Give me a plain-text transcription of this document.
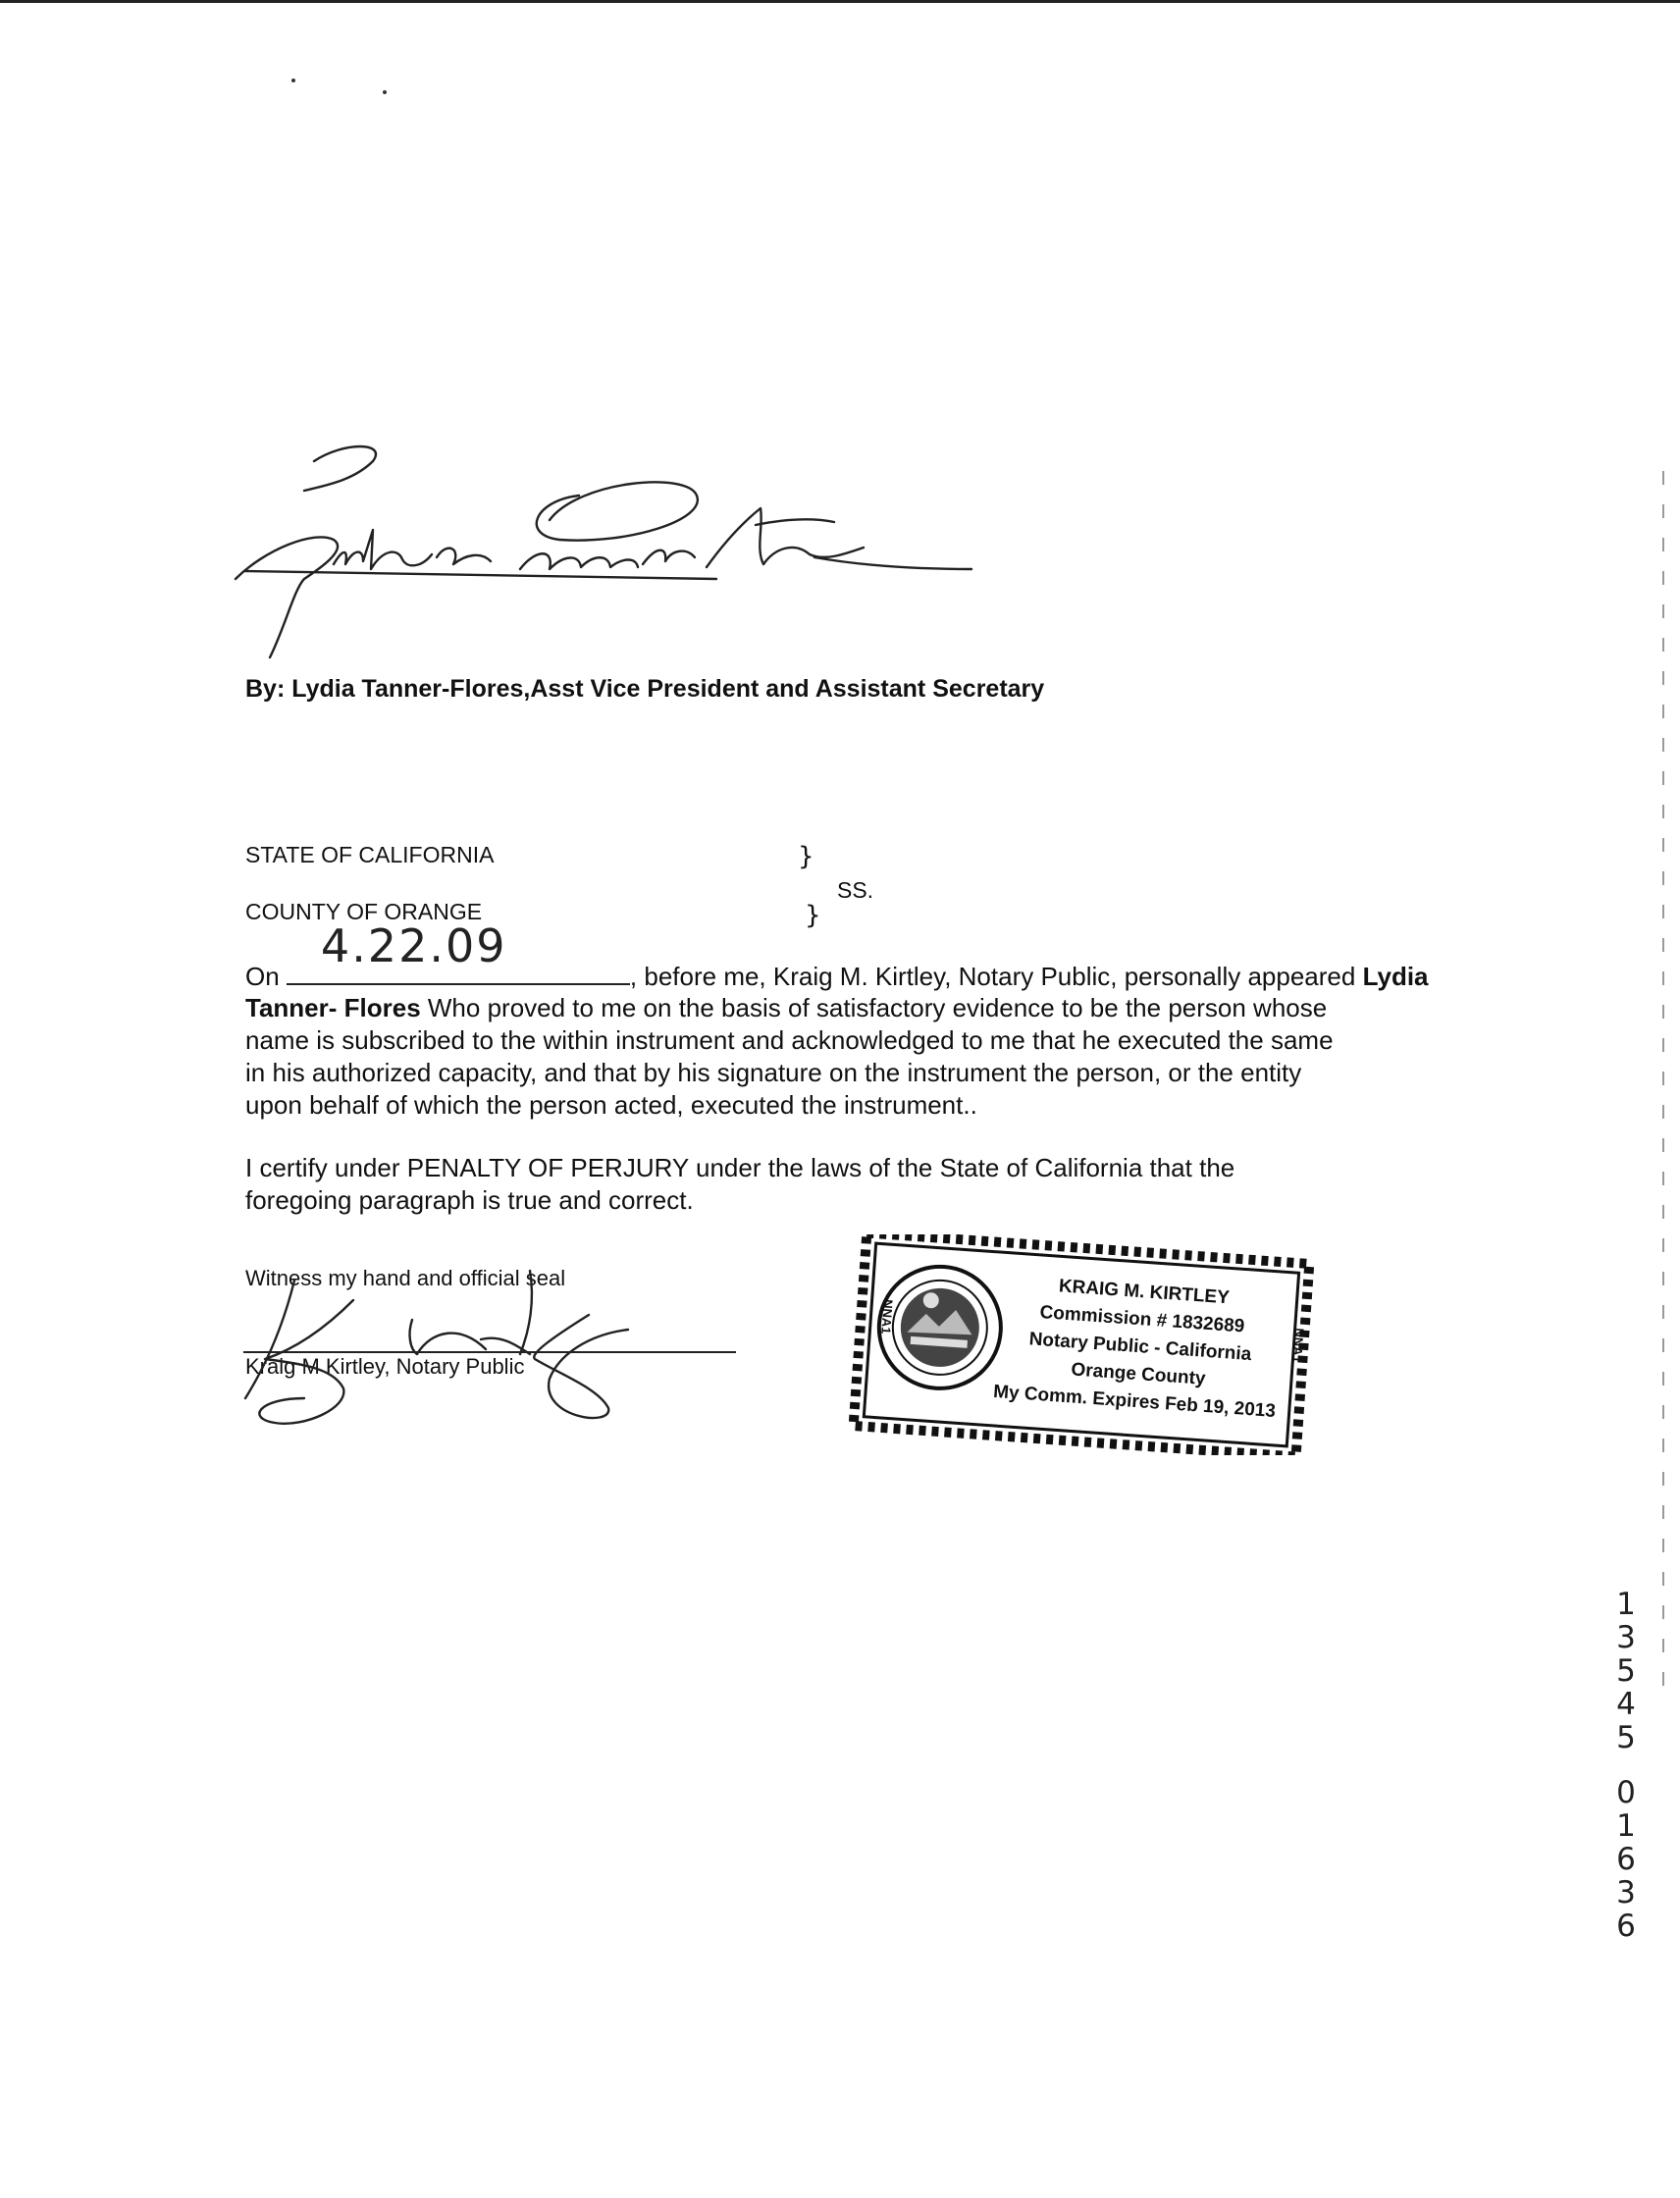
By: Lydia Tanner-Flores,Asst Vice President and Assistant Secretary
STATE OF CALIFORNIA
COUNTY OF ORANGE
}
}
SS.
On
4.22.09
, before me, Kraig M. Kirtley, Notary Public, personally appeared Lydia
Tanner- Flores Who proved to me on the basis of satisfactory evidence to be the person whose
name is subscribed to the within instrument and acknowledged to me that he executed the same
in his authorized capacity, and that by his signature on the instrument the person, or the entity
upon behalf of which the person acted, executed the instrument..
I certify under PENALTY OF PERJURY under the laws of the State of California that the
foregoing paragraph is true and correct.
Witness my hand and official seal
Kraig M Kirtley, Notary Public
KRAIG M. KIRTLEY
Commission # 1832689
Notary Public - California
Orange County
My Comm. Expires Feb 19, 2013
NNA1
NNA1
1
3
5
4
5
0
1
6
3
6
